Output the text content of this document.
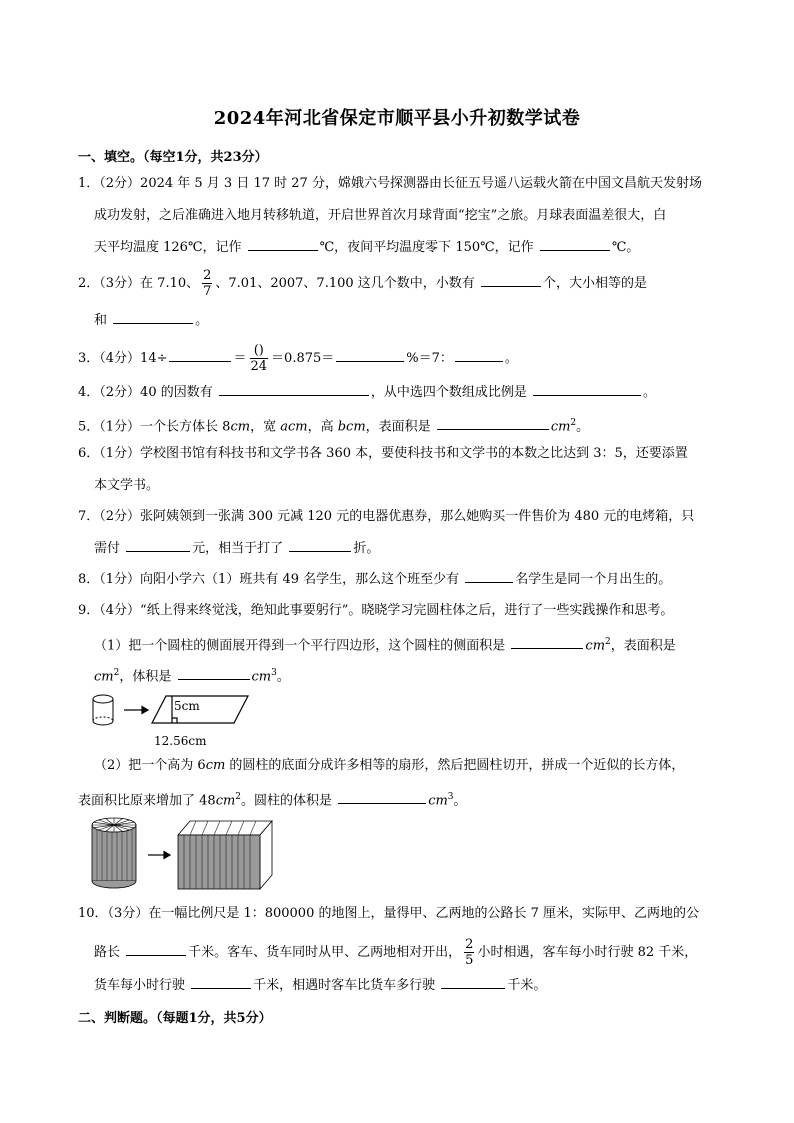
2024年河北省保定市顺平县小升初数学试卷
一、填空。（每空1分，共23分）
1．（2分）2024 年 5 月 3 日 17 时 27 分，嫦娥六号探测器由长征五号遥八运载火箭在中国文昌航天发射场
成功发射，之后准确进入地月转移轨道，开启世界首次月球背面“挖宝”之旅。月球表面温差很大，白
天平均温度 126℃，记作	℃，夜间平均温度零下 150℃，记作	℃。
2．（3分）在 7.10、 $\frac{2}{7}$ 、7.01、2007、7.100 这几个数中，小数有	个，大小相等的是
和	。
3．（4分）14÷	＝ $\frac{()}{24} =0.875=$	%＝7：	。
4．（2分）40 的因数有	，从中选四个数组成比例是	。
5．（1分）一个长方体长 8cm，宽 acm，高 bcm，表面积是	$cm^2$。
6．（1分）学校图书馆有科技书和文学书各 360 本，要使科技书和文学书的本数之比达到 3：5，还要添置
本文学书。
7．（2分）张阿姨领到一张满 300 元减 120 元的电器优惠券，那么她购买一件售价为 480 元的电烤箱，只
需付	元，相当于打了	折。
8．（1分）向阳小学六（1）班共有 49 名学生，那么这个班至少有	名学生是同一个月出生的。
9．（4分）“纸上得来终觉浅，绝知此事要躬行”。晓晓学习完圆柱体之后，进行了一些实践操作和思考。
（1）把一个圆柱的侧面展开得到一个平行四边形，这个圆柱的侧面积是	$cm^2$，表面积是
$cm^2$，体积是	$cm^3$。
5cm
12.56cm
（2）把一个高为 6cm 的圆柱的底面分成许多相等的扇形，然后把圆柱切开，拼成一个近似的长方体，
表面积比原来增加了 $48cm^2$。圆柱的体积是	$cm^3$。
10．（3分）在一幅比例尺是 1：800000 的地图上，量得甲、乙两地的公路长 7 厘米，实际甲、乙两地的公
路长	千米。客车、货车同时从甲、乙两地相对开出， $\frac{2}{5}$ 小时相遇，客车每小时行驶 82 千米，
货车每小时行驶	千米，相遇时客车比货车多行驶	千米。
二、判断题。（每题1分，共5分）
